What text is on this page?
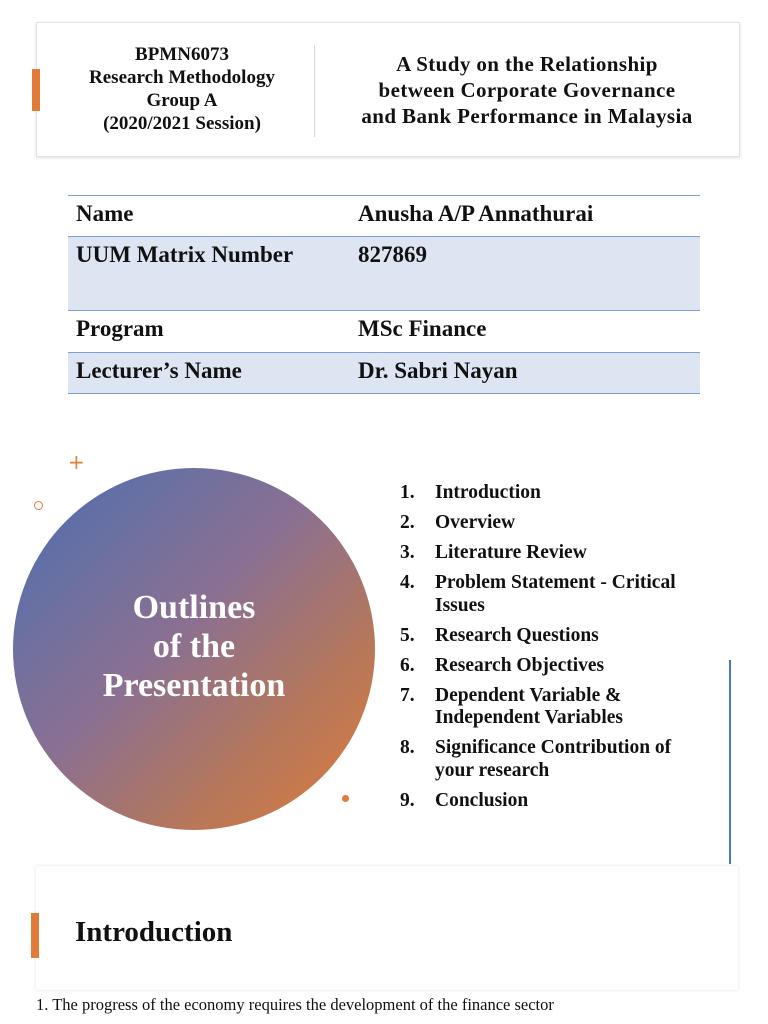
BPMN6073
Research Methodology
Group A
(2020/2021 Session)
A Study on the Relationship
between Corporate Governance
and Bank Performance in Malaysia
Name	Anusha A/P Annathurai
UUM Matrix Number	827869
Program	MSc Finance
Lecturer’s Name	Dr. Sabri Nayan
+
Outlines
of the
Presentation
1.	Introduction
2.	Overview
3.	Literature Review
4.	Problem Statement - Critical Issues
5.	Research Questions
6.	Research Objectives
7.	Dependent Variable & Independent Variables
8.	Significance Contribution of your research
9.	Conclusion
Introduction
1. The progress of the economy requires the development of the finance sector
